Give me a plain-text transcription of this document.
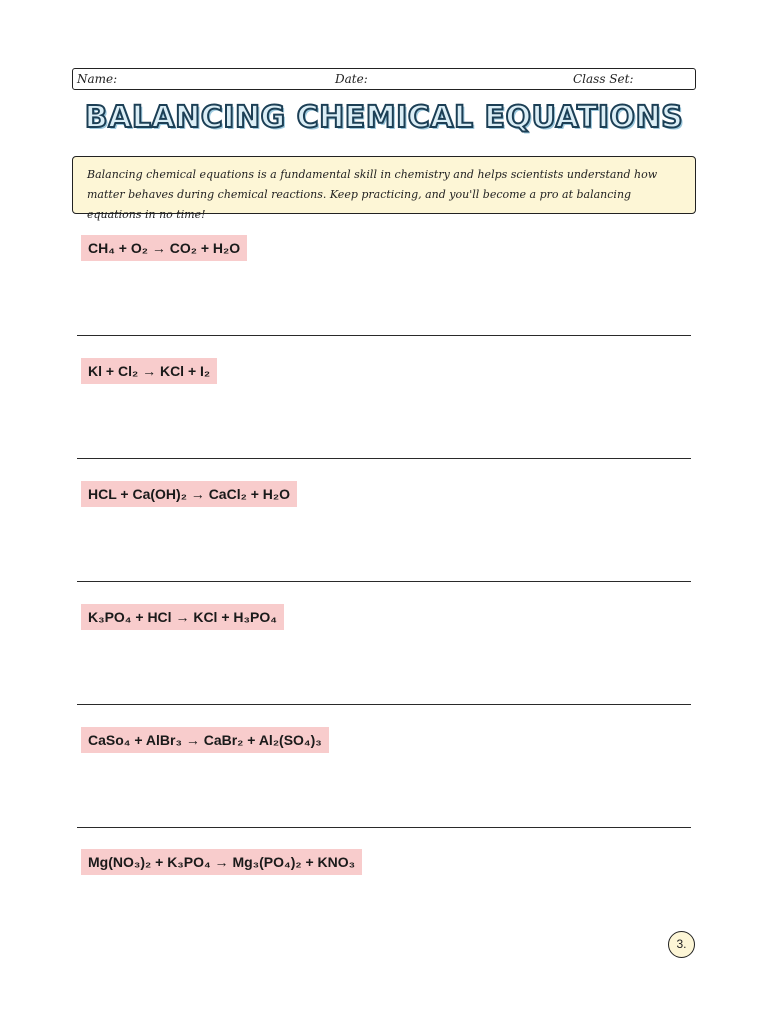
Name:	Date:	Class Set:
BALANCING CHEMICAL EQUATIONS
Balancing chemical equations is a fundamental skill in chemistry and helps scientists understand how matter behaves during chemical reactions. Keep practicing, and you'll become a pro at balancing equations in no time!
CH₄ + O₂ → CO₂ + H₂O
Kl + Cl₂ → KCl + I₂
HCL + Ca(OH)₂ → CaCl₂ + H₂O
K₃PO₄ + HCl → KCl + H₃PO₄
CaSo₄ + AlBr₃ → CaBr₂ + Al₂(SO₄)₃
Mg(NO₃)₂ + K₃PO₄ → Mg₃(PO₄)₂ + KNO₃
3.
